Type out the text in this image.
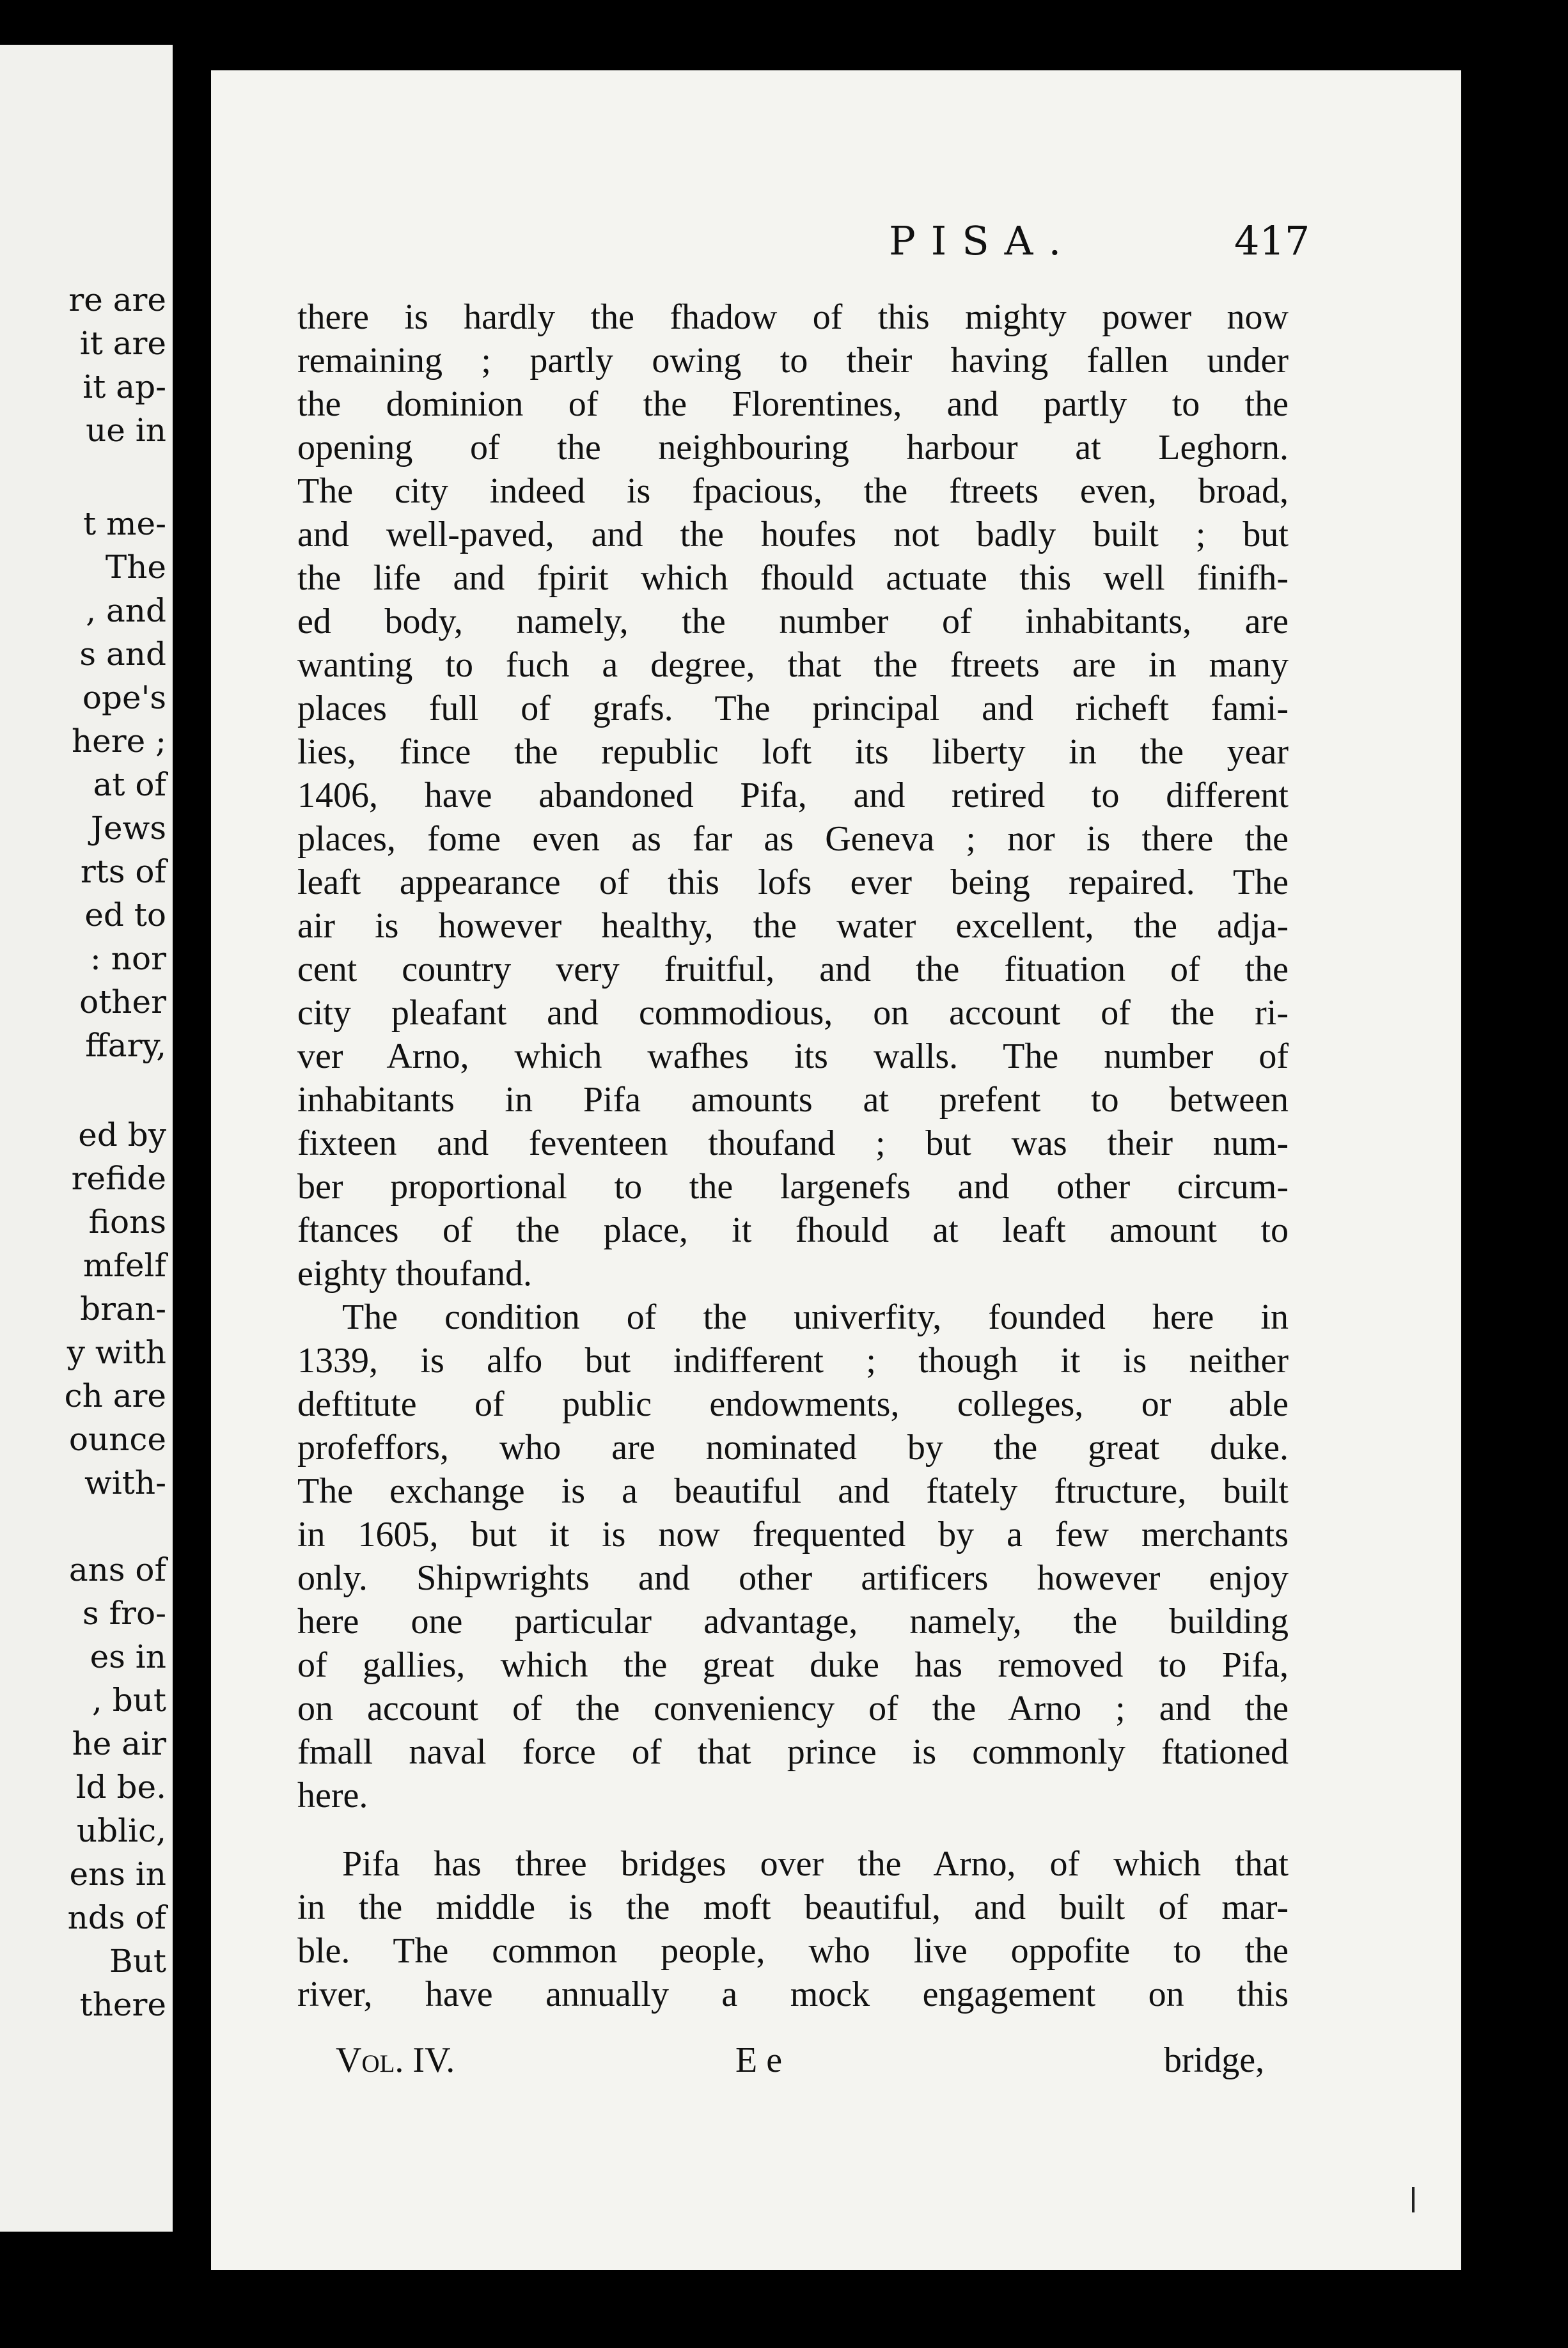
re are
it are
it ap-
ue in
t me-
The
, and
s and
ope's
here ;
at of
Jews
rts of
ed to
: nor
other
ffary,
ed by
refide
fions
mfelf
bran-
y with
ch are
ounce
with-
ans of
s fro-
es in
, but
he air
ld be.
ublic,
ens in
nds of
But
there
PISA.	417
there is hardly the fhadow of this mighty power now
remaining ; partly owing to their having fallen under
the dominion of the Florentines, and partly to the
opening of the neighbouring harbour at Leghorn.
The city indeed is fpacious, the ftreets even, broad,
and well-paved, and the houfes not badly built ; but
the life and fpirit which fhould actuate this well finifh-
ed body, namely, the number of inhabitants, are
wanting to fuch a degree, that the ftreets are in many
places full of grafs. The principal and richeft fami-
lies, fince the republic loft its liberty in the year
1406, have abandoned Pifa, and retired to different
places, fome even as far as Geneva ; nor is there the
leaft appearance of this lofs ever being repaired. The
air is however healthy, the water excellent, the adja-
cent country very fruitful, and the fituation of the
city pleafant and commodious, on account of the ri-
ver Arno, which wafhes its walls. The number of
inhabitants in Pifa amounts at prefent to between
fixteen and feventeen thoufand ; but was their num-
ber proportional to the largenefs and other circum-
ftances of the place, it fhould at leaft amount to
eighty thoufand.
The condition of the univerfity, founded here in
1339, is alfo but indifferent ; though it is neither
deftitute of public endowments, colleges, or able
profeffors, who are nominated by the great duke.
The exchange is a beautiful and ftately ftructure, built
in 1605, but it is now frequented by a few merchants
only. Shipwrights and other artificers however enjoy
here one particular advantage, namely, the building
of gallies, which the great duke has removed to Pifa,
on account of the conveniency of the Arno ; and the
fmall naval force of that prince is commonly ftationed
here.
Pifa has three bridges over the Arno, of which that
in the middle is the moft beautiful, and built of mar-
ble. The common people, who live oppofite to the
river, have annually a mock engagement on this
Vol. IV.	E e	bridge,
